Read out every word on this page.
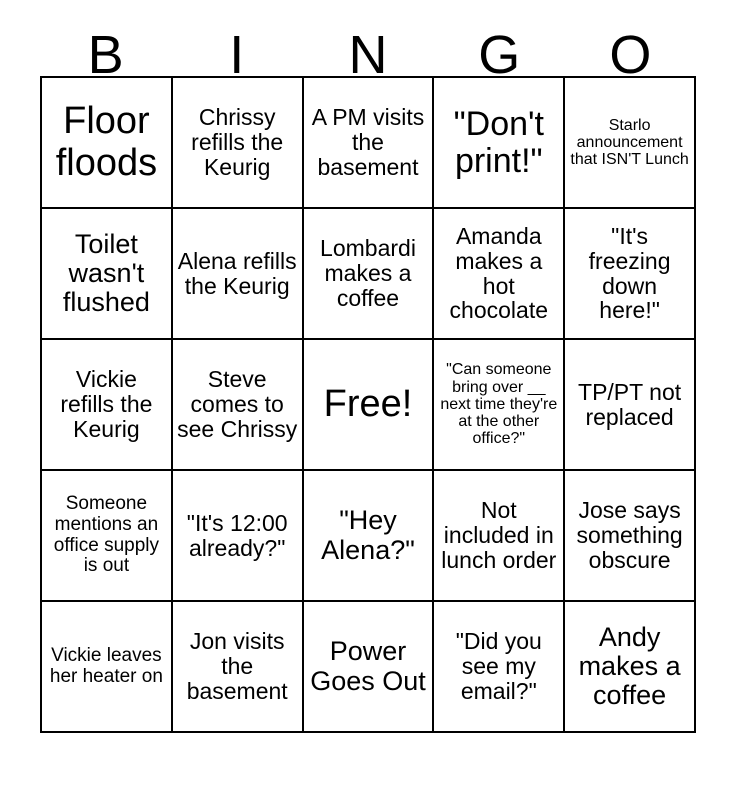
B	I	N	G	O
Floor floods
Chrissy refills the Keurig
A PM visits the basement
"Don't print!"
Starlo announcement that ISN'T Lunch
Toilet wasn't flushed
Alena refills the Keurig
Lombardi makes a coffee
Amanda makes a hot chocolate
"It's freezing down here!"
Vickie refills the Keurig
Steve comes to see Chrissy
Free!
"Can someone bring over __ next time they're at the other office?"
TP/PT not replaced
Someone mentions an office supply is out
"It's 12:00 already?"
"Hey Alena?"
Not included in lunch order
Jose says something obscure
Vickie leaves her heater on
Jon visits the basement
Power Goes Out
"Did you see my email?"
Andy makes a coffee
